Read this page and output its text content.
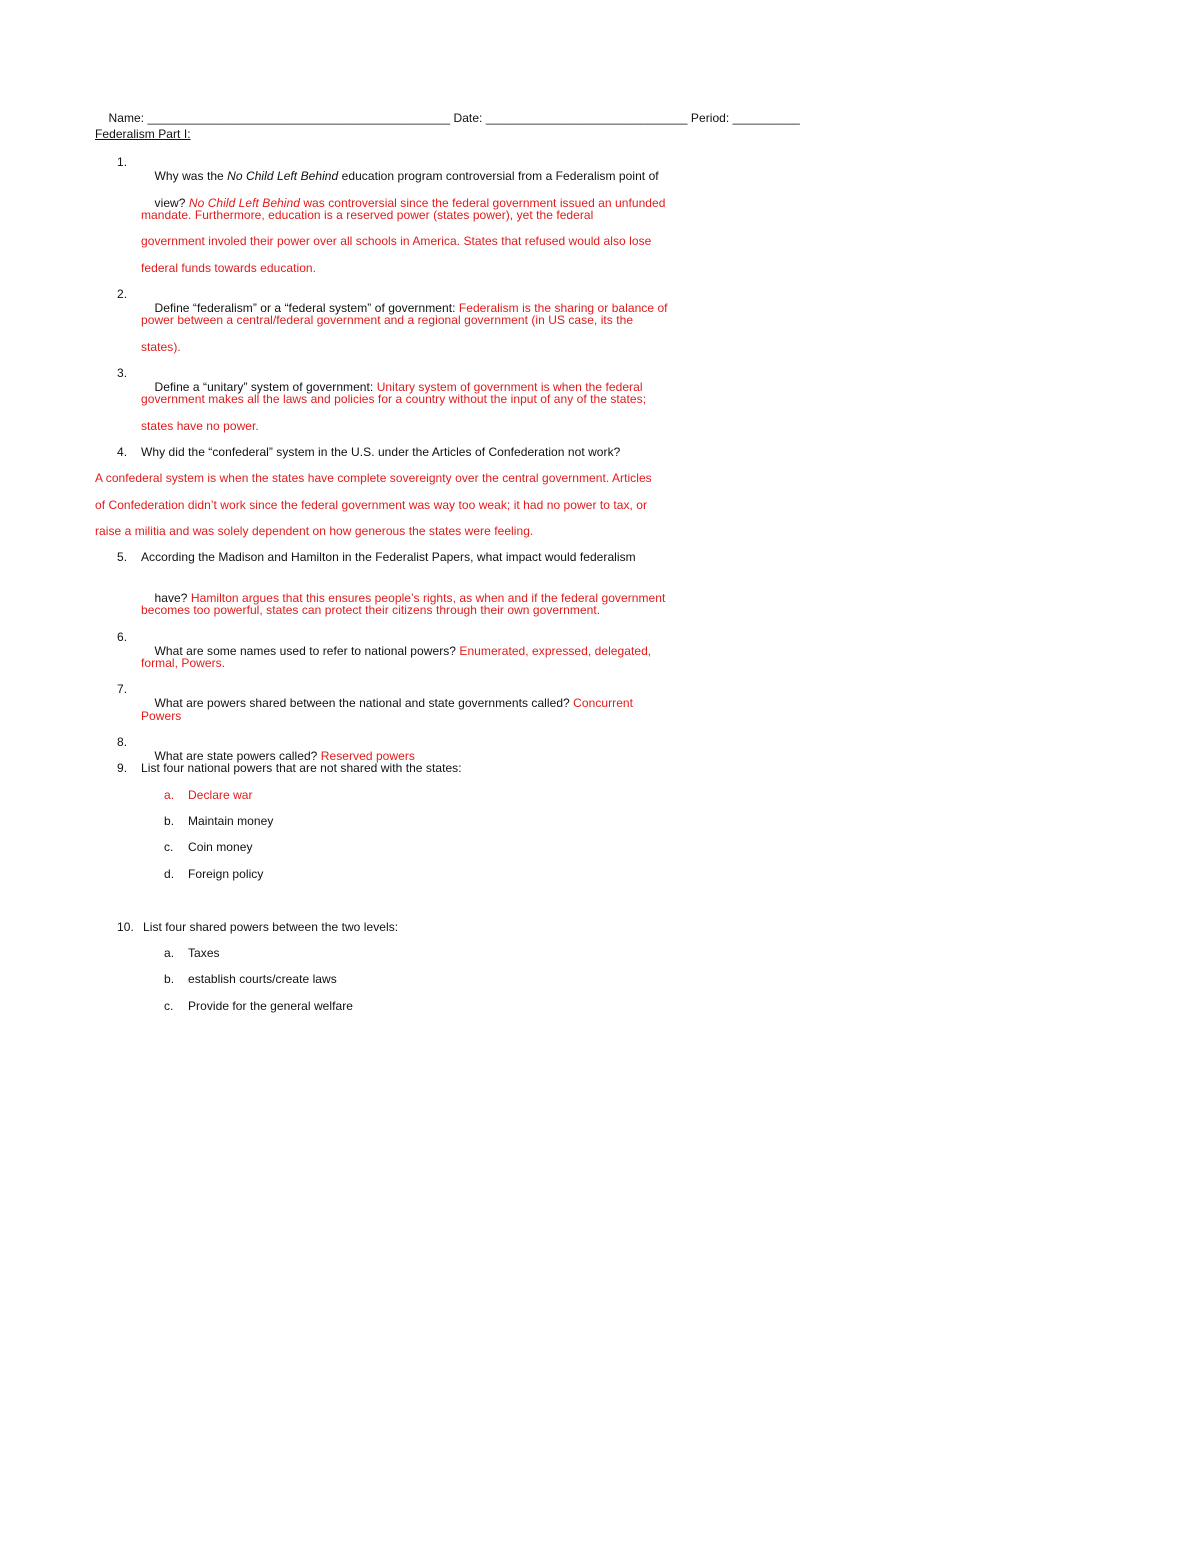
Name: _____________________________________________ Date: ______________________________ Period: __________

Federalism Part I:
1.

Why was the No Child Left Behind education program controversial from a Federalism point of

view? No Child Left Behind was controversial since the federal government issued an unfunded

mandate. Furthermore, education is a reserved power (states power), yet the federal
government involed their power over all schools in America. States that refused would also lose
federal funds towards education.
2.

Define “federalism” or a “federal system” of government: Federalism is the sharing or balance of

power between a central/federal government and a regional government (in US case, its the
states).
3.

Define a “unitary” system of government: Unitary system of government is when the federal

government makes all the laws and policies for a country without the input of any of the states;
states have no power.
4. Why did the “confederal” system in the U.S. under the Articles of Confederation not work?
A confederal system is when the states have complete sovereignty over the central government. Articles
of Confederation didn’t work since the federal government was way too weak; it had no power to tax, or
raise a militia and was solely dependent on how generous the states were feeling.
5. According the Madison and Hamilton in the Federalist Papers, what impact would federalism

have? Hamilton argues that this ensures people’s rights, as when and if the federal government

becomes too powerful, states can protect their citizens through their own government.
6.

What are some names used to refer to national powers? Enumerated, expressed, delegated,

formal, Powers.
7.

What are powers shared between the national and state governments called? Concurrent

Powers
8.

What are state powers called? Reserved powers

9. List four national powers that are not shared with the states:
a. Declare war
b. Maintain money
c. Coin money
d. Foreign policy
10. List four shared powers between the two levels:
a. Taxes
b. establish courts/create laws
c. Provide for the general welfare
